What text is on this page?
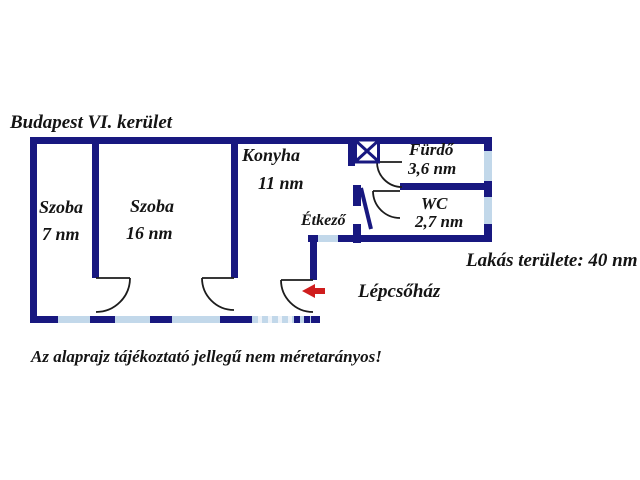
Budapest VI. kerület
Szoba
7 nm
Szoba
16 nm
Konyha
11 nm
Étkező
Fürdő
3,6 nm
WC
2,7 nm
Lakás területe: 40 nm
Lépcsőház
Az alaprajz tájékoztató jellegű nem méretarányos!
